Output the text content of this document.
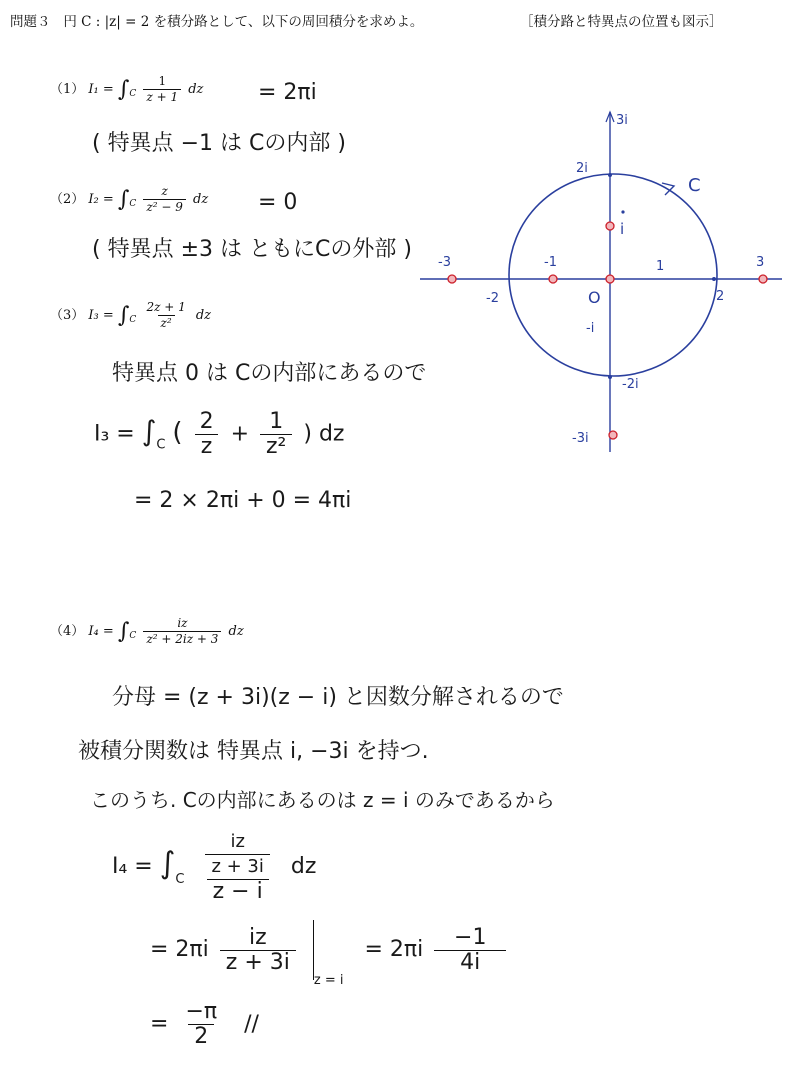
問題３ 円 C : |z| = 2 を積分路として、以下の周回積分を求めよ。	［積分路と特異点の位置も図示］
（1） $I_1 = \int_C \frac{1}{z + 1}$ dz = 2πi
( 特異点 −1 は Cの内部 )
（2） $I_2 = \int_C \frac{z}{\text{z² − 9}}$ dz = 0
( 特異点 ±3 は ともにCの外部 )
（3） $I_3 = \int_C \frac{2z + 1}{\text{z²}}$ dz
特異点 0 は Cの内部にあるので
$I_3 = \int_C$ ( $\frac{2}{z} + \frac{1}{\text{z²}}$ ) dz
= 2 × 2πi + 0 = 4πi
（4） $I_4 = \int_C \frac{iz}{\text{z² + 2iz + 3}}$ dz
分母 = (z + 3i)(z − i) と因数分解されるので
被積分関数は 特異点 i, −3i を持つ.
このうち. Cの内部にあるのは z = i のみであるから
$I_4 = \int_C \frac{\frac{iz}{z + 3i}}{z - i}$ dz
= $2\pi i \frac{iz}{z + 3i}$
$_{z = i} = 2\pi i \frac{-1}{4i}$
= $\frac{-\pi}{2}$ //
C
O
-3
-2
-1	1
2
3
3i
2i
i
-i
-2i
-3i
